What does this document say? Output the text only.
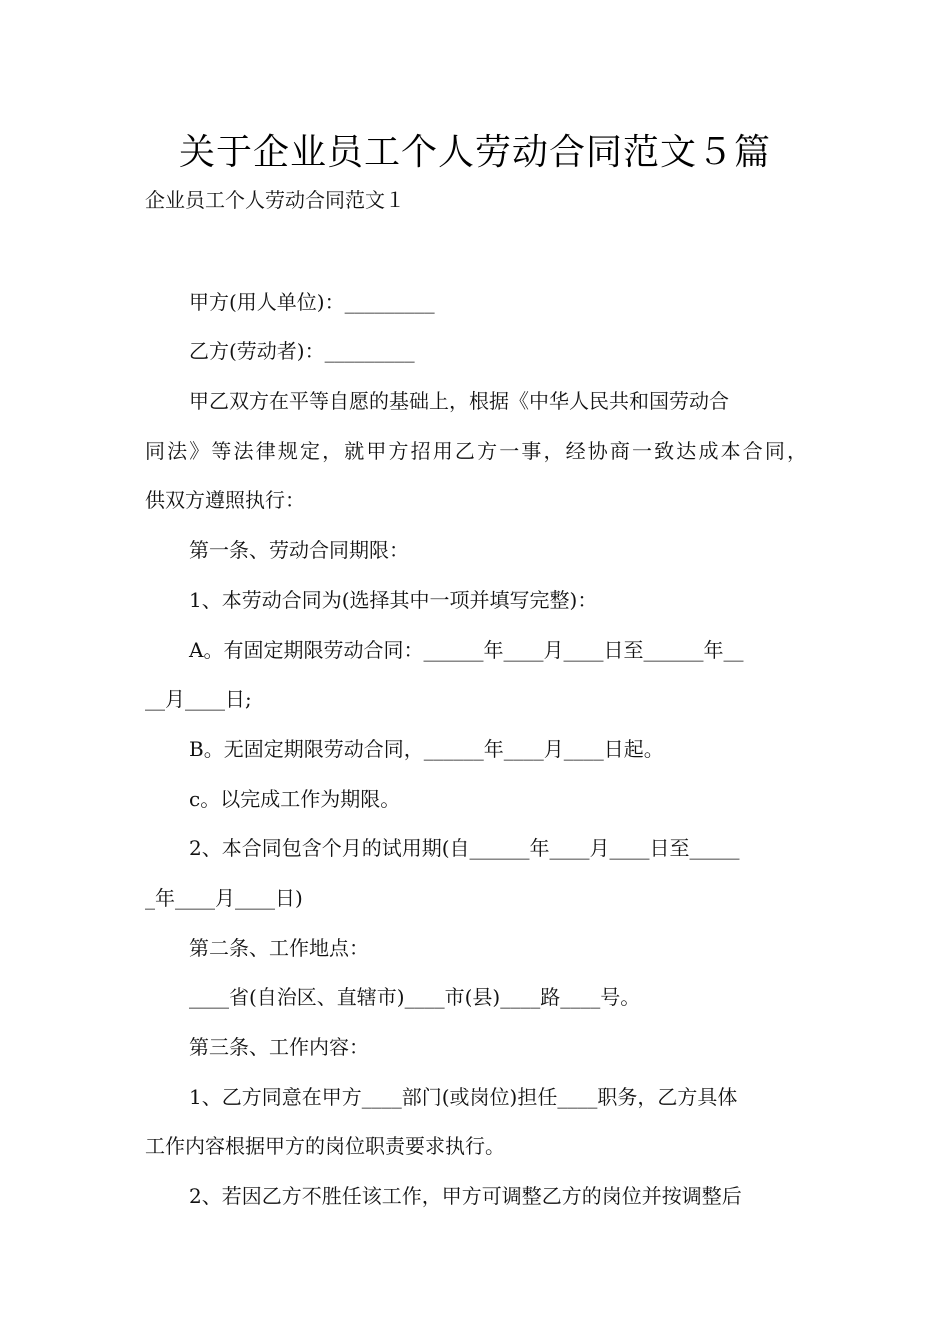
关于企业员工个人劳动合同范文５篇
企业员工个人劳动合同范文１
甲方(用人单位)：_________
乙方(劳动者)：_________
甲乙双方在平等自愿的基础上，根据《中华人民共和国劳动合
同法》等法律规定，就甲方招用乙方一事，经协商一致达成本合同，
供双方遵照执行：
第一条、劳动合同期限：
1、本劳动合同为(选择其中一项并填写完整)：
A。有固定期限劳动合同：______年____月____日至______年__
__月____日;
B。无固定期限劳动合同，______年____月____日起。
c。以完成工作为期限。
2、本合同包含个月的试用期(自______年____月____日至_____
_年____月____日)
第二条、工作地点：
____省(自治区、直辖市)____市(县)____路____号。
第三条、工作内容：
1、乙方同意在甲方____部门(或岗位)担任____职务，乙方具体
工作内容根据甲方的岗位职责要求执行。
2、若因乙方不胜任该工作，甲方可调整乙方的岗位并按调整后
